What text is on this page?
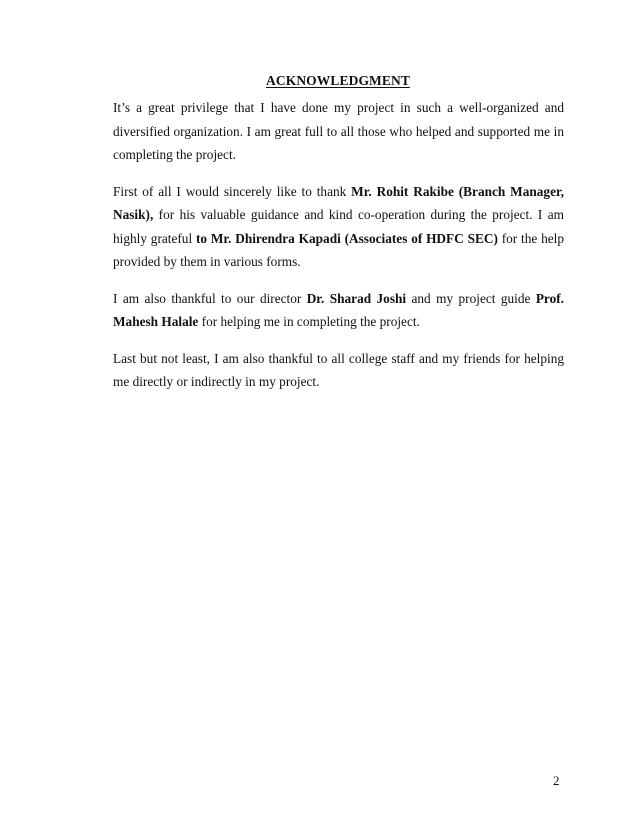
ACKNOWLEDGMENT

It’s a great privilege that I have done my project in such a well-organized and diversified organization. I am great full to all those who helped and supported me in completing the project.

First of all I would sincerely like to thank Mr. Rohit Rakibe (Branch Manager, Nasik), for his valuable guidance and kind co-operation during the project. I am highly grateful to Mr. Dhirendra Kapadi (Associates of HDFC SEC) for the help provided by them in various forms.

I am also thankful to our director Dr. Sharad Joshi and my project guide Prof. Mahesh Halale for helping me in completing the project.

Last but not least, I am also thankful to all college staff and my friends for helping me directly or indirectly in my project.

2
